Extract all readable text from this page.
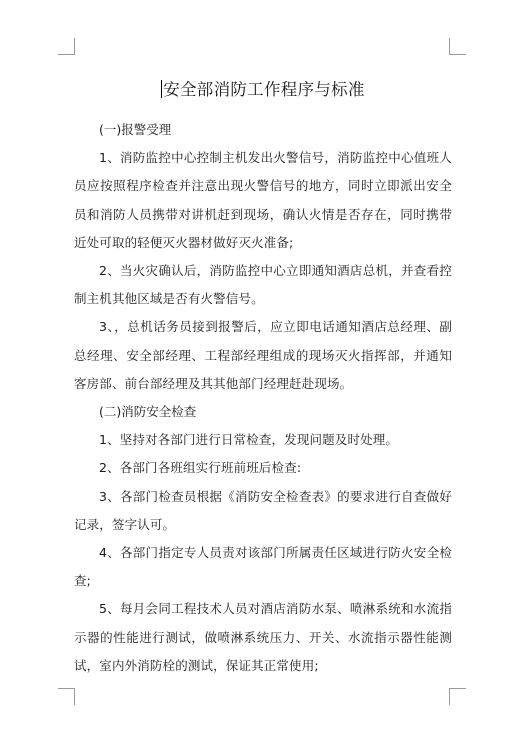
安全部消防工作程序与标准

(一)报警受理

1、消防监控中心控制主机发出火警信号，消防监控中心值班人员应按照程序检查并注意出现火警信号的地方，同时立即派出安全员和消防人员携带对讲机赶到现场，确认火情是否存在，同时携带近处可取的轻便灭火器材做好灭火准备;

2、当火灾确认后，消防监控中心立即通知酒店总机，并查看控制主机其他区域是否有火警信号。

3、，总机话务员接到报警后，应立即电话通知酒店总经理、副总经理、安全部经理、工程部经理组成的现场灭火指挥部，并通知客房部、前台部经理及其其他部门经理赶赴现场。

(二)消防安全检查

1、坚持对各部门进行日常检查，发现问题及时处理。

2、各部门各班组实行班前班后检查:

3、各部门检查员根据《消防安全检查表》的要求进行自查做好记录，签字认可。

4、各部门指定专人员责对该部门所属责任区域进行防火安全检查;

5、每月会同工程技术人员对酒店消防水泵、喷淋系统和水流指示器的性能进行测试，做喷淋系统压力、开关、水流指示器性能测试，室内外消防栓的测试，保证其正常使用;
